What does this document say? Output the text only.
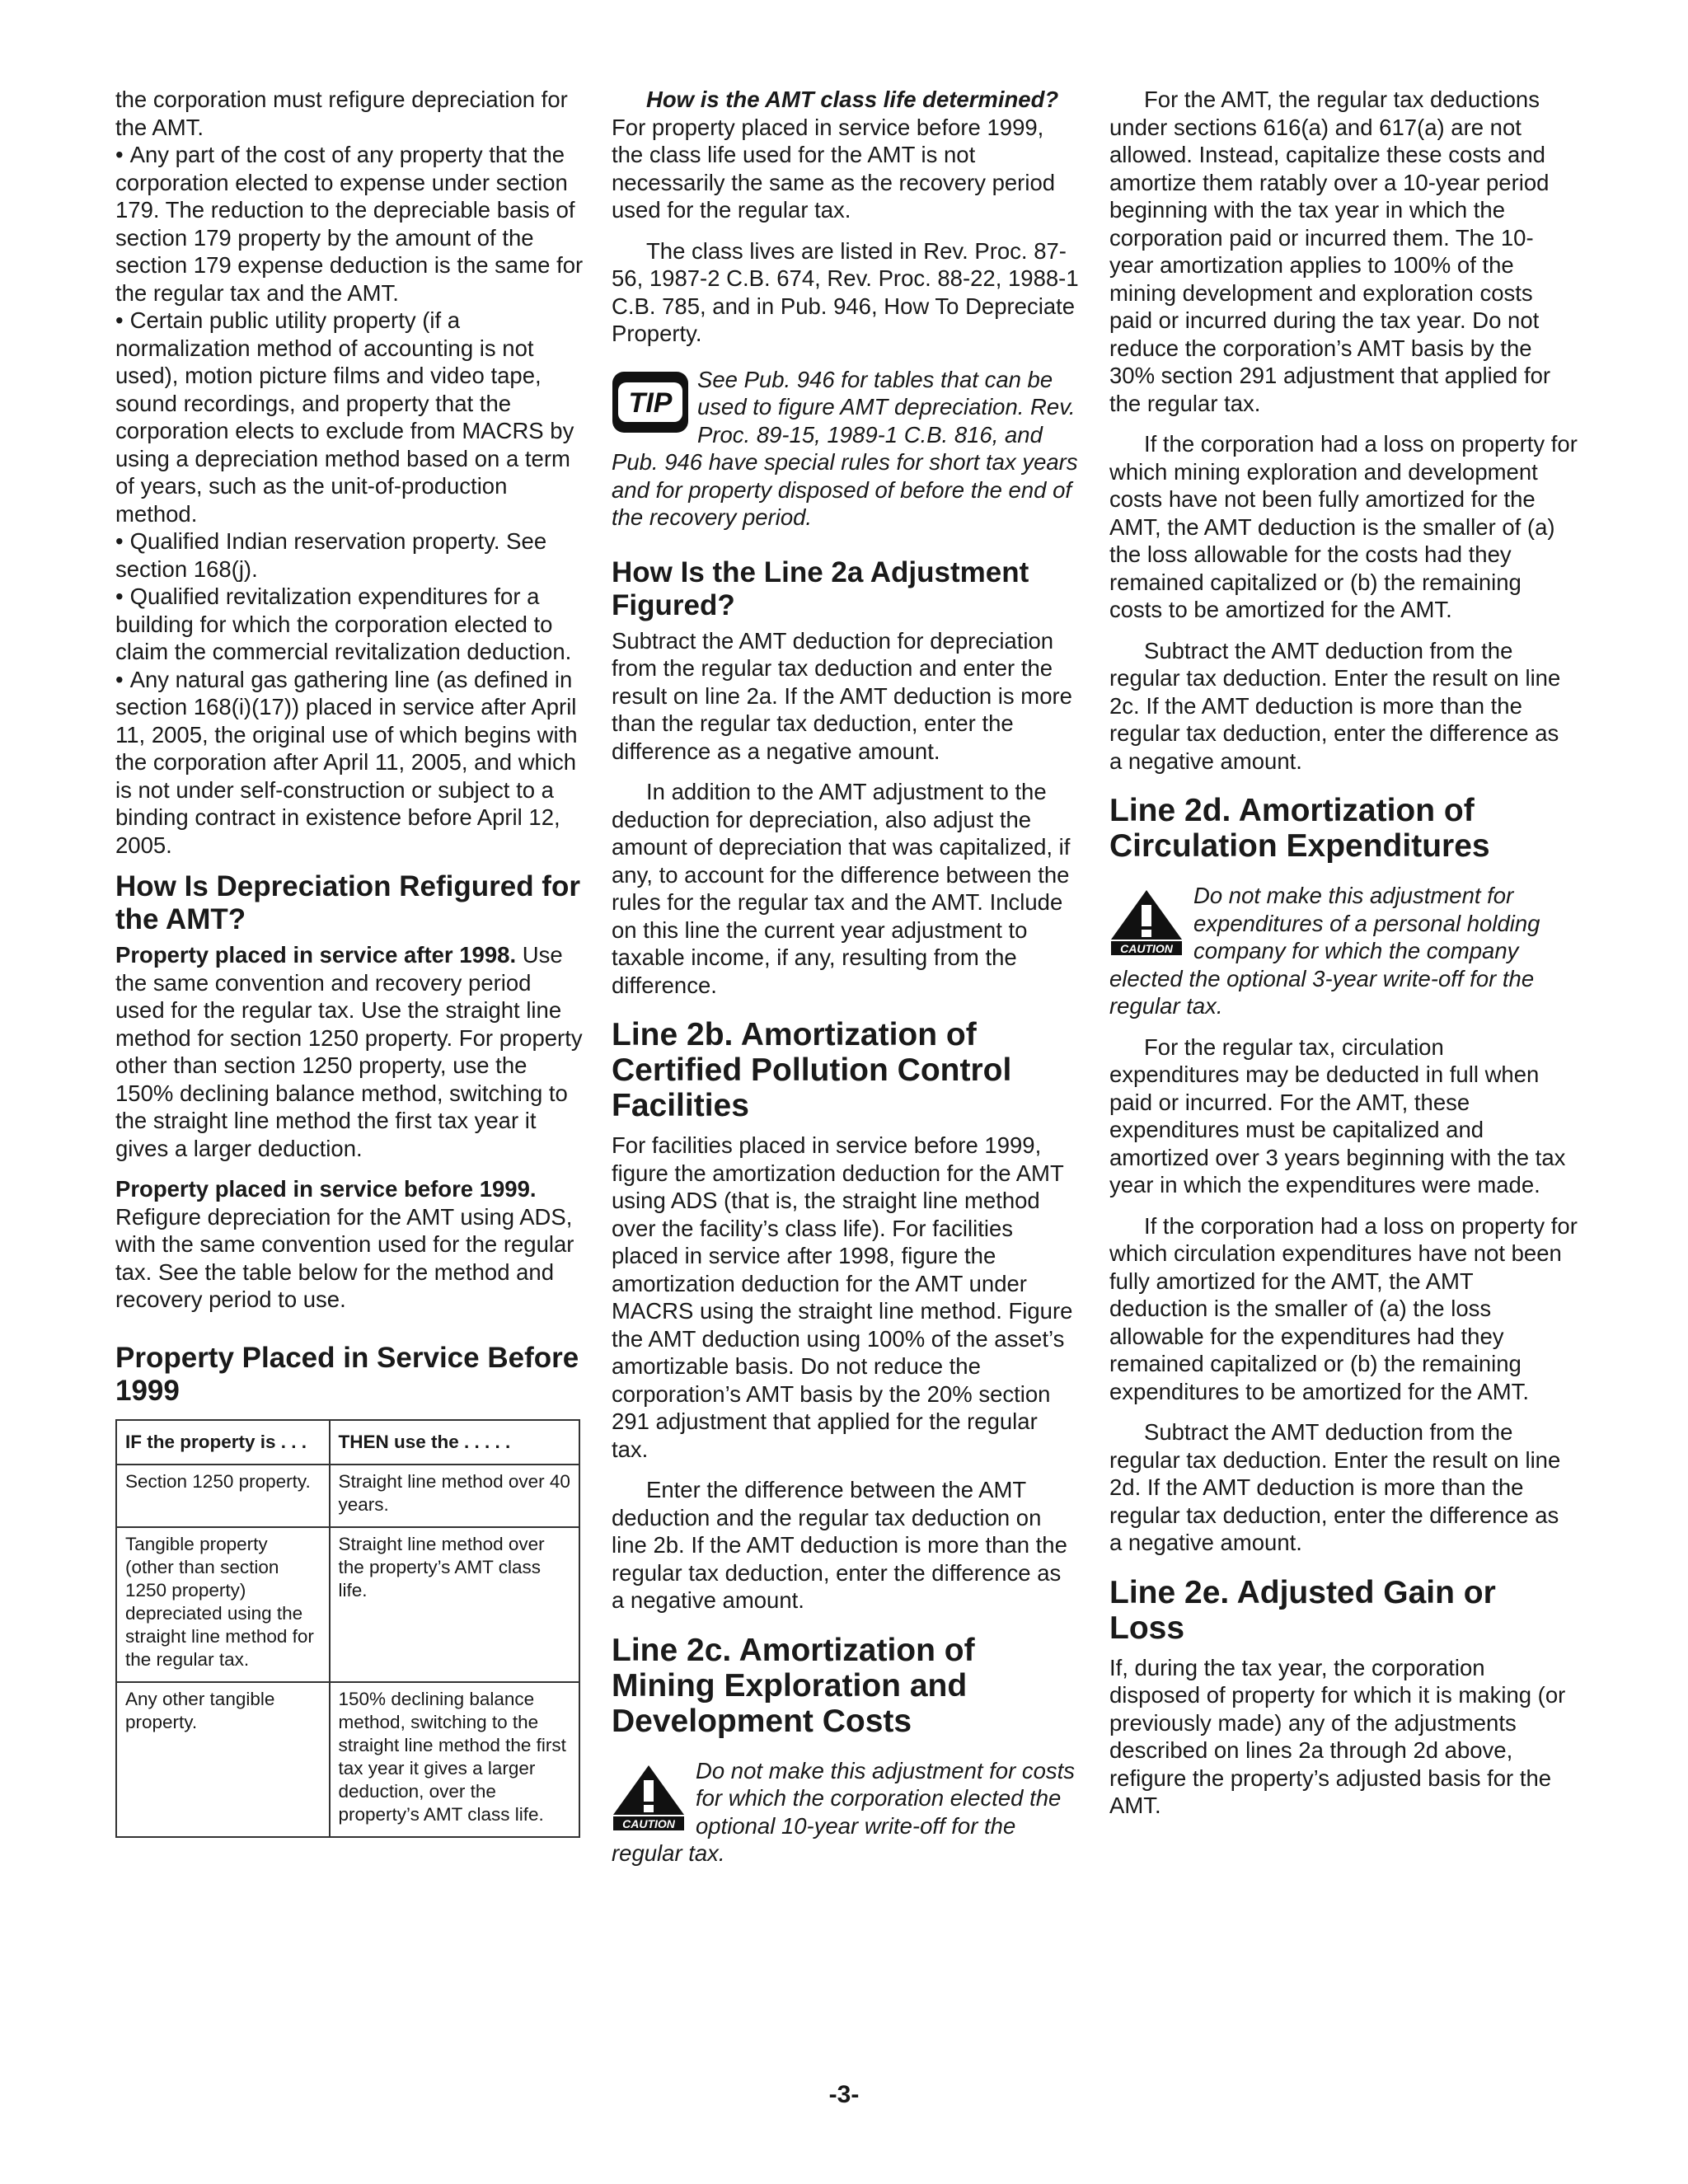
the corporation must refigure depreciation for the AMT.

• Any part of the cost of any property that the corporation elected to expense under section 179. The reduction to the depreciable basis of section 179 property by the amount of the section 179 expense deduction is the same for the regular tax and the AMT.

• Certain public utility property (if a normalization method of accounting is not used), motion picture films and video tape, sound recordings, and property that the corporation elects to exclude from MACRS by using a depreciation method based on a term of years, such as the unit-of-production method.

• Qualified Indian reservation property. See section 168(j).

• Qualified revitalization expenditures for a building for which the corporation elected to claim the commercial revitalization deduction.

• Any natural gas gathering line (as defined in section 168(i)(17)) placed in service after April 11, 2005, the original use of which begins with the corporation after April 11, 2005, and which is not under self-construction or subject to a binding contract in existence before April 12, 2005.

How Is Depreciation Refigured for the AMT?

Property placed in service after 1998. Use the same convention and recovery period used for the regular tax. Use the straight line method for section 1250 property. For property other than section 1250 property, use the 150% declining balance method, switching to the straight line method the first tax year it gives a larger deduction.

Property placed in service before 1999.  Refigure depreciation for the AMT using ADS, with the same convention used for the regular tax. See the table below for the method and recovery period to use.

Property Placed in Service Before 1999
IF the property is . . .	THEN use the . . . . .
Section 1250 property.	Straight line method over 40 years.
Tangible property (other than section 1250 property) depreciated using the straight line method for the regular tax.	Straight line method over the property’s AMT class life.
Any other tangible property.	150% declining balance method, switching to the straight line method the first tax year it gives a larger deduction, over the property’s AMT class life.

How is the AMT class life determined? For property placed in service before 1999, the class life used for the AMT is not necessarily the same as the recovery period used for the regular tax.

The class lives are listed in Rev. Proc. 87-56, 1987-2 C.B. 674, Rev. Proc. 88-22, 1988-1 C.B. 785, and in Pub. 946, How To Depreciate Property.

TIP
See Pub. 946 for tables that can be used to figure AMT depreciation. Rev. Proc. 89-15, 1989-1 C.B. 816, and Pub. 946 have special rules for short tax years and for property disposed of before the end of the recovery period.
How Is the Line 2a Adjustment Figured?

Subtract the AMT deduction for depreciation from the regular tax deduction and enter the result on line 2a. If the AMT deduction is more than the regular tax deduction, enter the difference as a negative amount.

In addition to the AMT adjustment to the deduction for depreciation, also adjust the amount of depreciation that was capitalized, if any, to account for the difference between the rules for the regular tax and the AMT. Include on this line the current year adjustment to taxable income, if any, resulting from the difference.

Line 2b. Amortization of Certified Pollution Control Facilities

For facilities placed in service before 1999, figure the amortization deduction for the AMT using ADS (that is, the straight line method over the facility’s class life). For facilities placed in service after 1998, figure the amortization deduction for the AMT under MACRS using the straight line method. Figure the AMT deduction using 100% of the asset’s amortizable basis. Do not reduce the corporation’s AMT basis by the 20% section 291 adjustment that applied for the regular tax.

Enter the difference between the AMT deduction and the regular tax deduction on line 2b. If the AMT deduction is more than the regular tax deduction, enter the difference as a negative amount.

Line 2c. Amortization of Mining Exploration and Development Costs
CAUTION
Do not make this adjustment for costs for which the corporation elected the optional 10-year write-off for the regular tax.

For the AMT, the regular tax deductions under sections 616(a) and 617(a) are not allowed. Instead, capitalize these costs and amortize them ratably over a 10-year period beginning with the tax year in which the corporation paid or incurred them. The 10-year amortization applies to 100% of the mining development and exploration costs paid or incurred during the tax year. Do not reduce the corporation’s AMT basis by the 30% section 291 adjustment that applied for the regular tax.

If the corporation had a loss on property for which mining exploration and development costs have not been fully amortized for the AMT, the AMT deduction is the smaller of (a) the loss allowable for the costs had they remained capitalized or (b) the remaining costs to be amortized for the AMT.

Subtract the AMT deduction from the regular tax deduction. Enter the result on line 2c. If the AMT deduction is more than the regular tax deduction, enter the difference as a negative amount.

Line 2d. Amortization of Circulation Expenditures
CAUTION
Do not make this adjustment for expenditures of a personal holding company for which the company elected the optional 3-year write-off for the regular tax.

For the regular tax, circulation expenditures may be deducted in full when paid or incurred. For the AMT, these expenditures must be capitalized and amortized over 3 years beginning with the tax year in which the expenditures were made.

If the corporation had a loss on property for which circulation expenditures have not been fully amortized for the AMT, the AMT deduction is the smaller of (a) the loss allowable for the expenditures had they remained capitalized or (b) the remaining expenditures to be amortized for the AMT.

Subtract the AMT deduction from the regular tax deduction. Enter the result on line 2d. If the AMT deduction is more than the regular tax deduction, enter the difference as a negative amount.

Line 2e. Adjusted Gain or Loss

If, during the tax year, the corporation disposed of property for which it is making (or previously made) any of the adjustments described on lines 2a through 2d above, refigure the property’s adjusted basis for the AMT.

-3-
